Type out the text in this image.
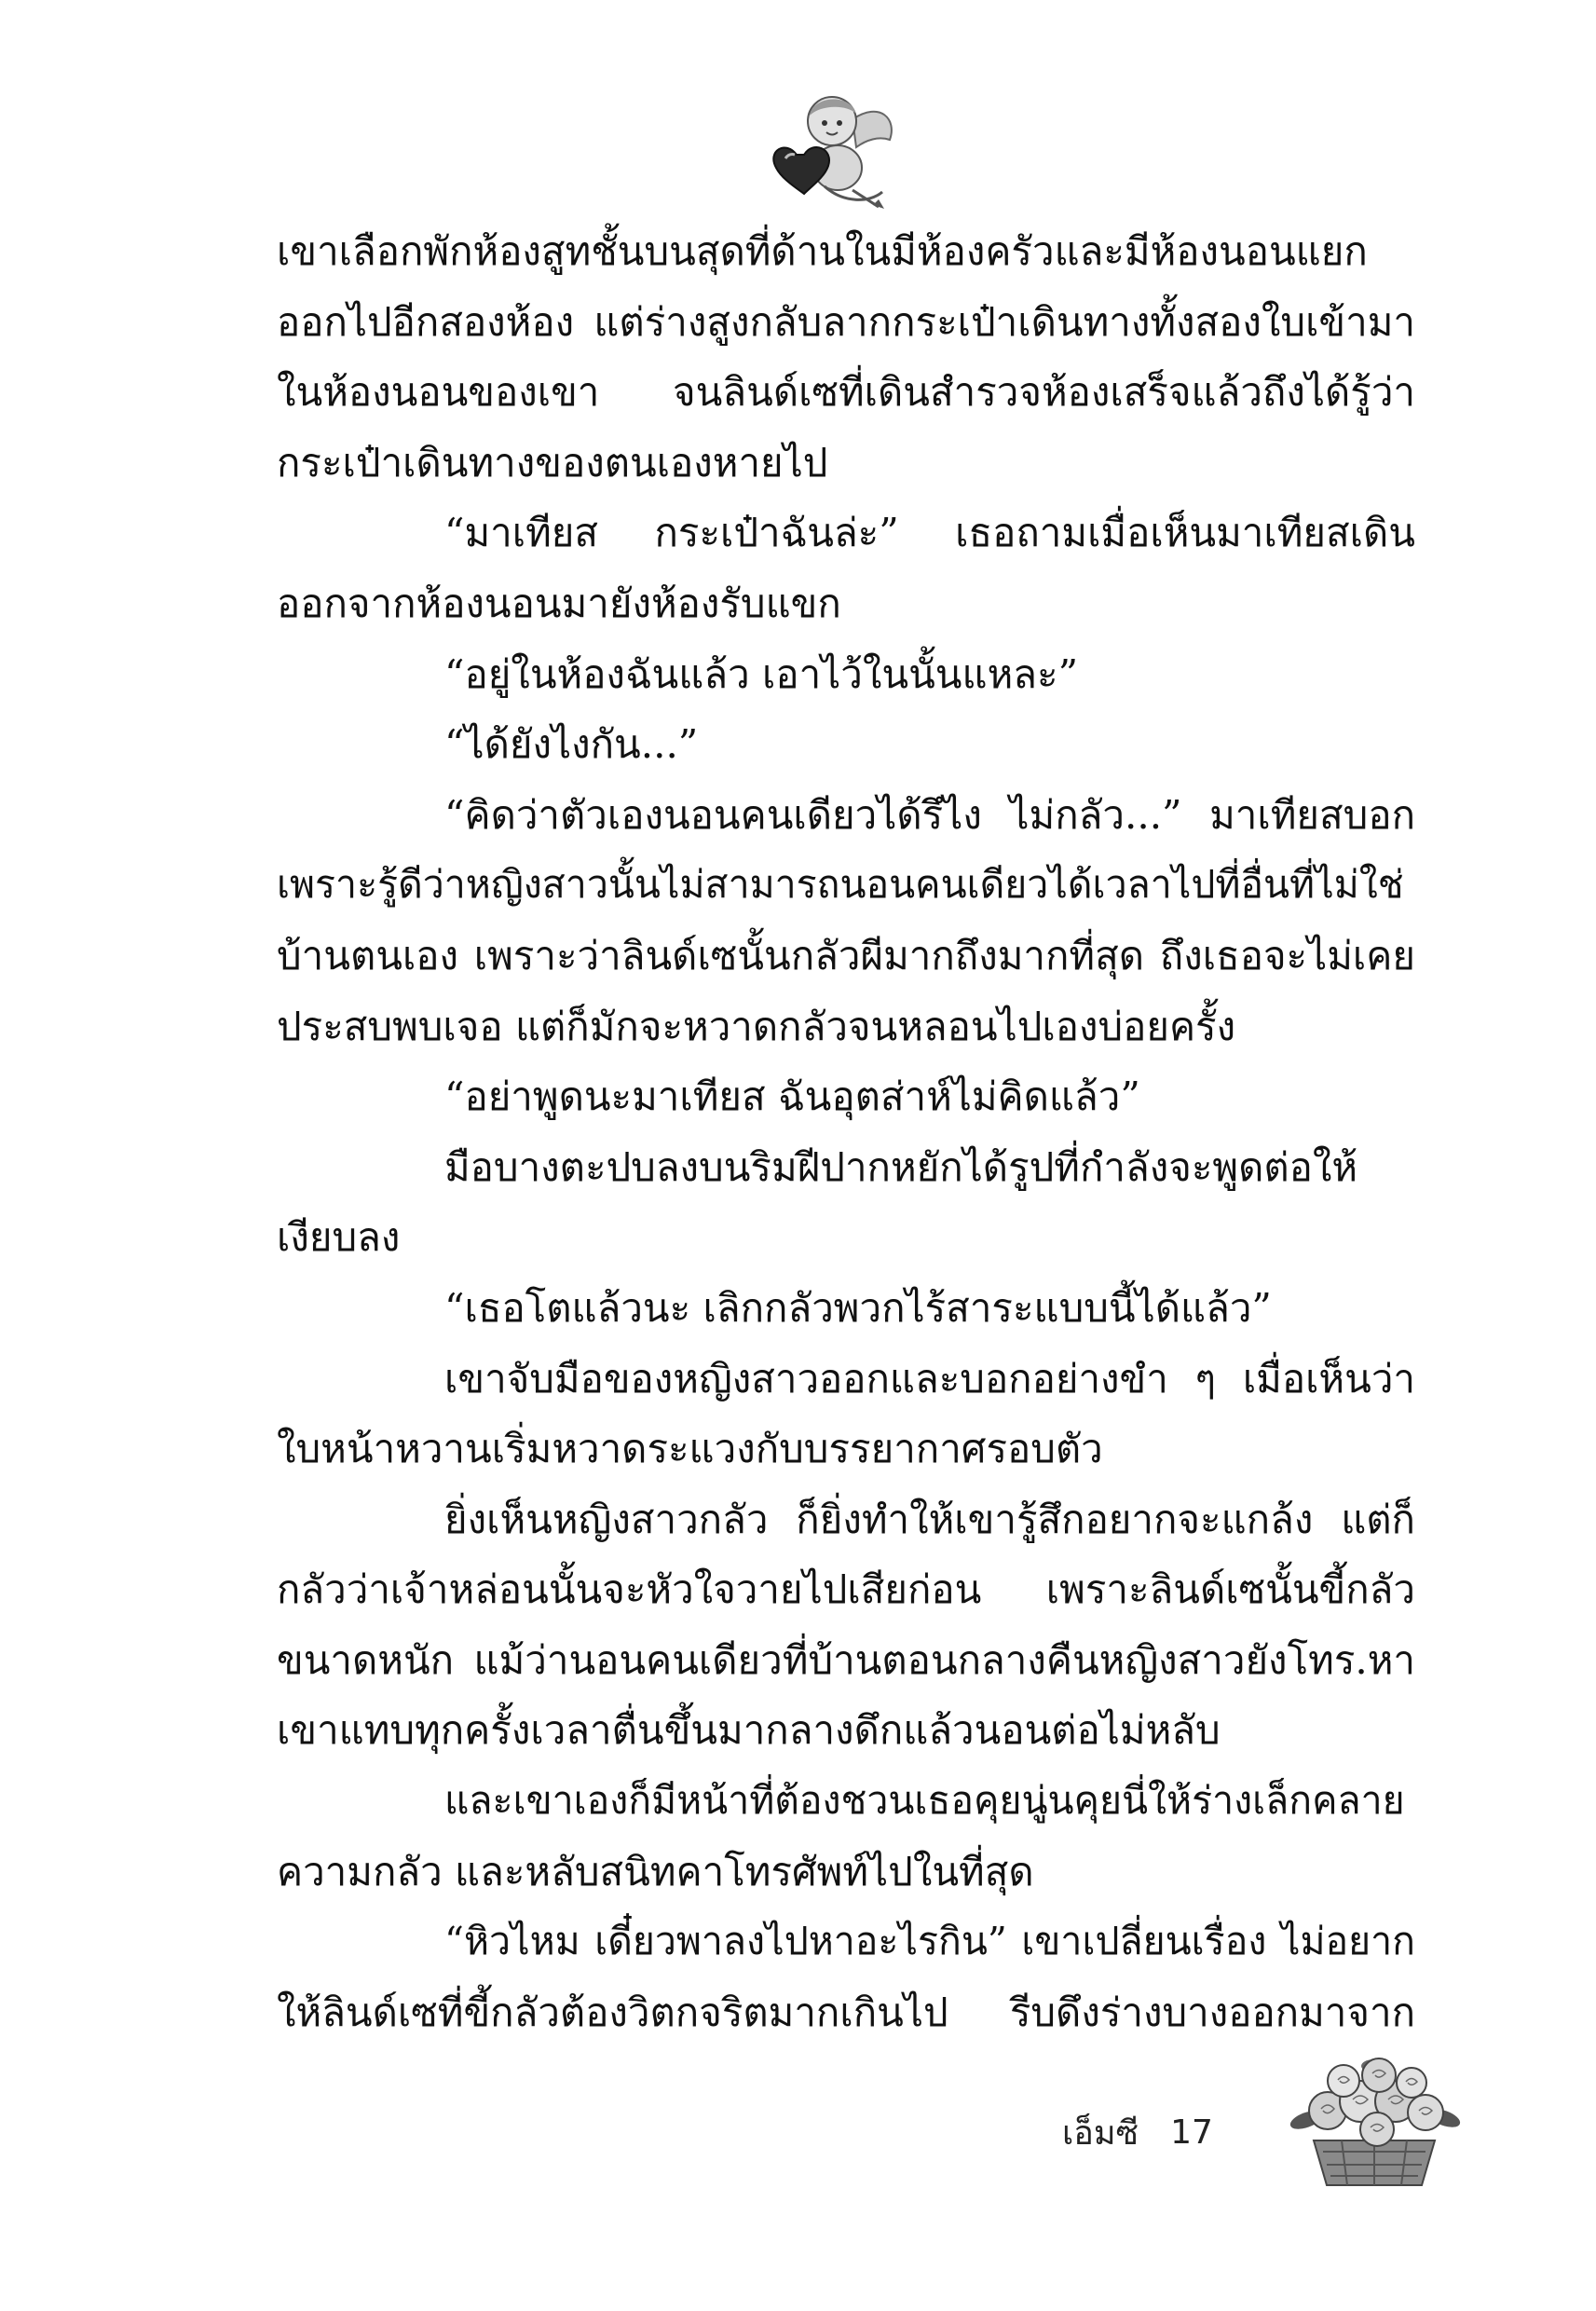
เขาเลือกพักห้องสูทชั้นบนสุดที่ด้านในมีห้องครัวและมีห้องนอนแยก
ออกไปอีกสองห้อง แต่ร่างสูงกลับลากกระเป๋าเดินทางทั้งสองใบเข้ามา
ในห้องนอนของเขา จนลินด์เซที่เดินสำรวจห้องเสร็จแล้วถึงได้รู้ว่า
กระเป๋าเดินทางของตนเองหายไป
“มาเทียส กระเป๋าฉันล่ะ” เธอถามเมื่อเห็นมาเทียสเดิน
ออกจากห้องนอนมายังห้องรับแขก
“อยู่ในห้องฉันแล้ว เอาไว้ในนั้นแหละ”
“ได้ยังไงกัน...”
“คิดว่าตัวเองนอนคนเดียวได้รึไง ไม่กลัว...” มาเทียสบอก
เพราะรู้ดีว่าหญิงสาวนั้นไม่สามารถนอนคนเดียวได้เวลาไปที่อื่นที่ไม่ใช่
บ้านตนเอง เพราะว่าลินด์เซนั้นกลัวผีมากถึงมากที่สุด ถึงเธอจะไม่เคย
ประสบพบเจอ แต่ก็มักจะหวาดกลัวจนหลอนไปเองบ่อยครั้ง
“อย่าพูดนะมาเทียส ฉันอุตส่าห์ไม่คิดแล้ว”
มือบางตะปบลงบนริมฝีปากหยักได้รูปที่กำลังจะพูดต่อให้
เงียบลง
“เธอโตแล้วนะ เลิกกลัวพวกไร้สาระแบบนี้ได้แล้ว”
เขาจับมือของหญิงสาวออกและบอกอย่างขำ ๆ เมื่อเห็นว่า
ใบหน้าหวานเริ่มหวาดระแวงกับบรรยากาศรอบตัว
ยิ่งเห็นหญิงสาวกลัว ก็ยิ่งทำให้เขารู้สึกอยากจะแกล้ง แต่ก็
กลัวว่าเจ้าหล่อนนั้นจะหัวใจวายไปเสียก่อน เพราะลินด์เซนั้นขี้กลัว
ขนาดหนัก แม้ว่านอนคนเดียวที่บ้านตอนกลางคืนหญิงสาวยังโทร.หา
เขาแทบทุกครั้งเวลาตื่นขึ้นมากลางดึกแล้วนอนต่อไม่หลับ
และเขาเองก็มีหน้าที่ต้องชวนเธอคุยนู่นคุยนี่ให้ร่างเล็กคลาย
ความกลัว และหลับสนิทคาโทรศัพท์ไปในที่สุด
“หิวไหม เดี๋ยวพาลงไปหาอะไรกิน” เขาเปลี่ยนเรื่อง ไม่อยาก
ให้ลินด์เซที่ขี้กลัวต้องวิตกจริตมากเกินไป รีบดึงร่างบางออกมาจาก
เอ็มซี 17
